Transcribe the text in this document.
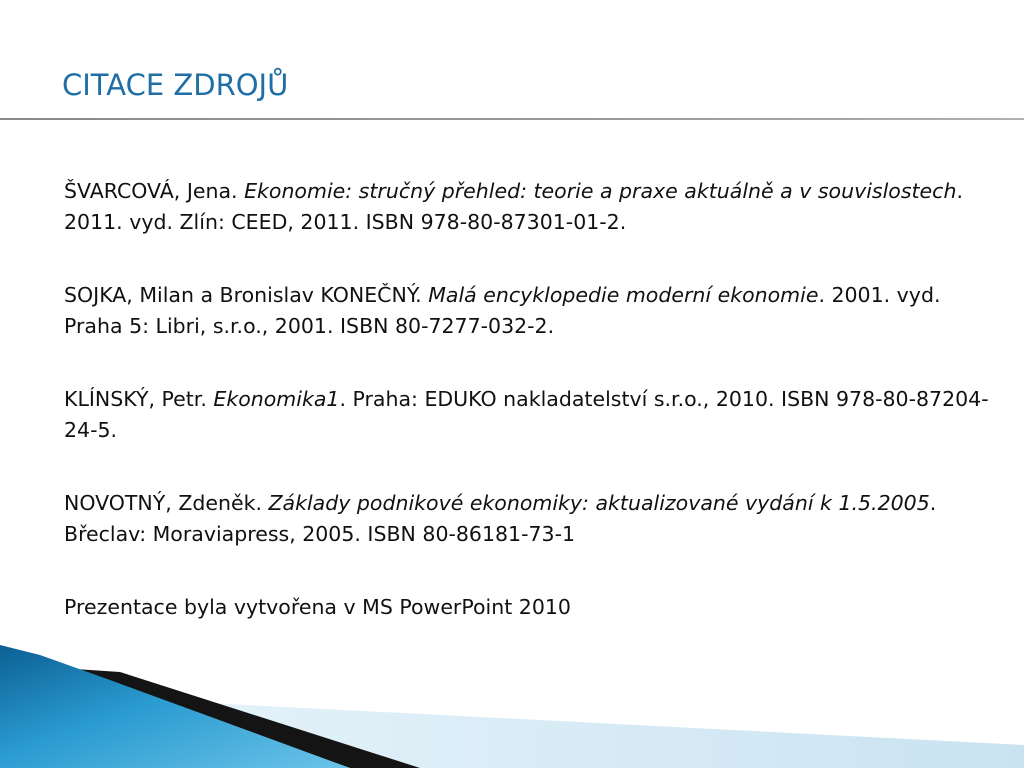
CITACE ZDROJŮ

ŠVARCOVÁ, Jena. Ekonomie: stručný přehled: teorie a praxe aktuálně a v souvislostech. 2011. vyd. Zlín: CEED, 2011. ISBN 978-80-87301-01-2.

SOJKA, Milan a Bronislav KONEČNÝ. Malá encyklopedie moderní ekonomie. 2001. vyd. Praha 5: Libri, s.r.o., 2001. ISBN 80-7277-032-2.

KLÍNSKÝ, Petr. Ekonomika1. Praha: EDUKO nakladatelství s.r.o., 2010. ISBN 978-80-87204-24-5.

NOVOTNÝ, Zdeněk. Základy podnikové ekonomiky: aktualizované vydání k 1.5.2005. Břeclav: Moraviapress, 2005. ISBN 80-86181-73-1

Prezentace byla vytvořena v MS PowerPoint 2010
